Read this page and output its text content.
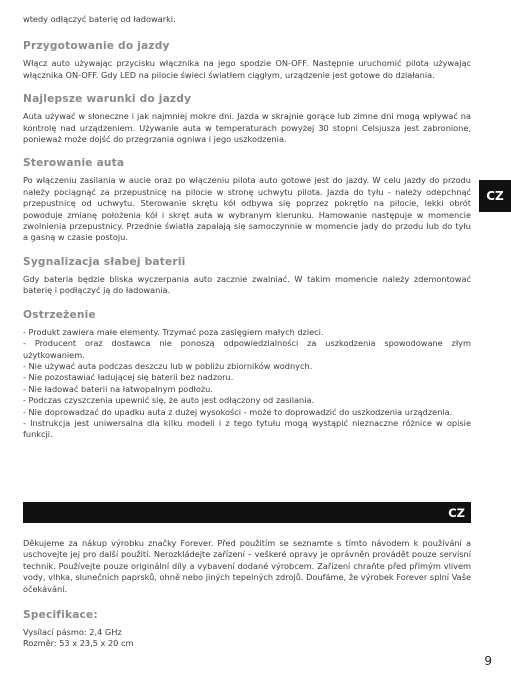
wtedy odłączyć baterię od ładowarki.

Przygotowanie do jazdy

Włącz auto używając przycisku włącznika na jego spodzie ON-OFF. Następnie uruchomić pilota używając włącznika ON-OFF. Gdy LED na pilocie świeci światłem ciągłym, urządzenie jest gotowe do działania.

Najlepsze warunki do jazdy

Auta używać w słoneczne i jak najmniej mokre dni. Jazda w skrajnie gorące lub zimne dni mogą wpływać na kontrolę nad urządzeniem. Używanie auta w temperaturach powyżej 30 stopni Celsjusza jest zabronione, ponieważ może dojść do przegrzania ogniwa i jego uszkodzenia.

Sterowanie auta

Po włączeniu zasilania w aucie oraz po włączeniu pilota auto gotowe jest do jazdy. W celu jazdy do przodu należy pociągnąć za przepustnicę na pilocie w stronę uchwytu pilota. Jazda do tyłu - należy odepchnąć przepustnicę od uchwytu. Sterowanie skrętu kół odbywa się poprzez pokrętło na pilocie, lekki obrót powoduje zmianę położenia kół i skręt auta w wybranym kierunku. Hamowanie następuje w momencie zwolnienia przepustnicy. Przednie światła zapalają się samoczynnie w momencie jady do przodu lub do tyłu a gasną w czasie postoju.

Sygnalizacja słabej baterii

Gdy bateria będzie bliska wyczerpania auto zacznie zwalniać. W takim momencie należy zdemontować baterię i podłączyć ją do ładowania.

Ostrzeżenie

- Produkt zawiera małe elementy. Trzymać poza zasięgiem małych dzieci.
- Producent oraz dostawca nie ponoszą odpowiedzialności za uszkodzenia spowodowane złym użytkowaniem.
- Nie używać auta podczas deszczu lub w pobliżu zbiorników wodnych.
- Nie pozostawiać ładującej się baterii bez nadzoru.
- Nie ładować baterii na łatwopalnym podłożu.
- Podczas czyszczenia upewnić się, że auto jest odłączony od zasilania.
- Nie doprowadzać do upadku auta z dużej wysokości - może to doprowadzić do uszkodzenia urządzenia.
- Instrukcja jest uniwersalna dla kilku modeli i z tego tytułu mogą wystąpić nieznaczne różnice w opisie funkcji.
CZ
CZ

Děkujeme za nákup výrobku značky Forever. Před použitím se seznamte s tímto návodem k používání a uschovejte jej pro další použití. Nerozkládejte zařízení – veškeré opravy je oprávněn provádět pouze servisní technik. Používejte pouze originální díly a vybavení dodané výrobcem. Zařízení chraňte před přímým vlivem vody, vlhka, slunečních paprsků, ohně nebo jiných tepelných zdrojů. Doufáme, že výrobek Forever splní Vaše očekávání.

Specifikace:

Vysílací pásmo: 2,4 GHz

Rozměr: 53 x 23,5 x 20 cm

9
